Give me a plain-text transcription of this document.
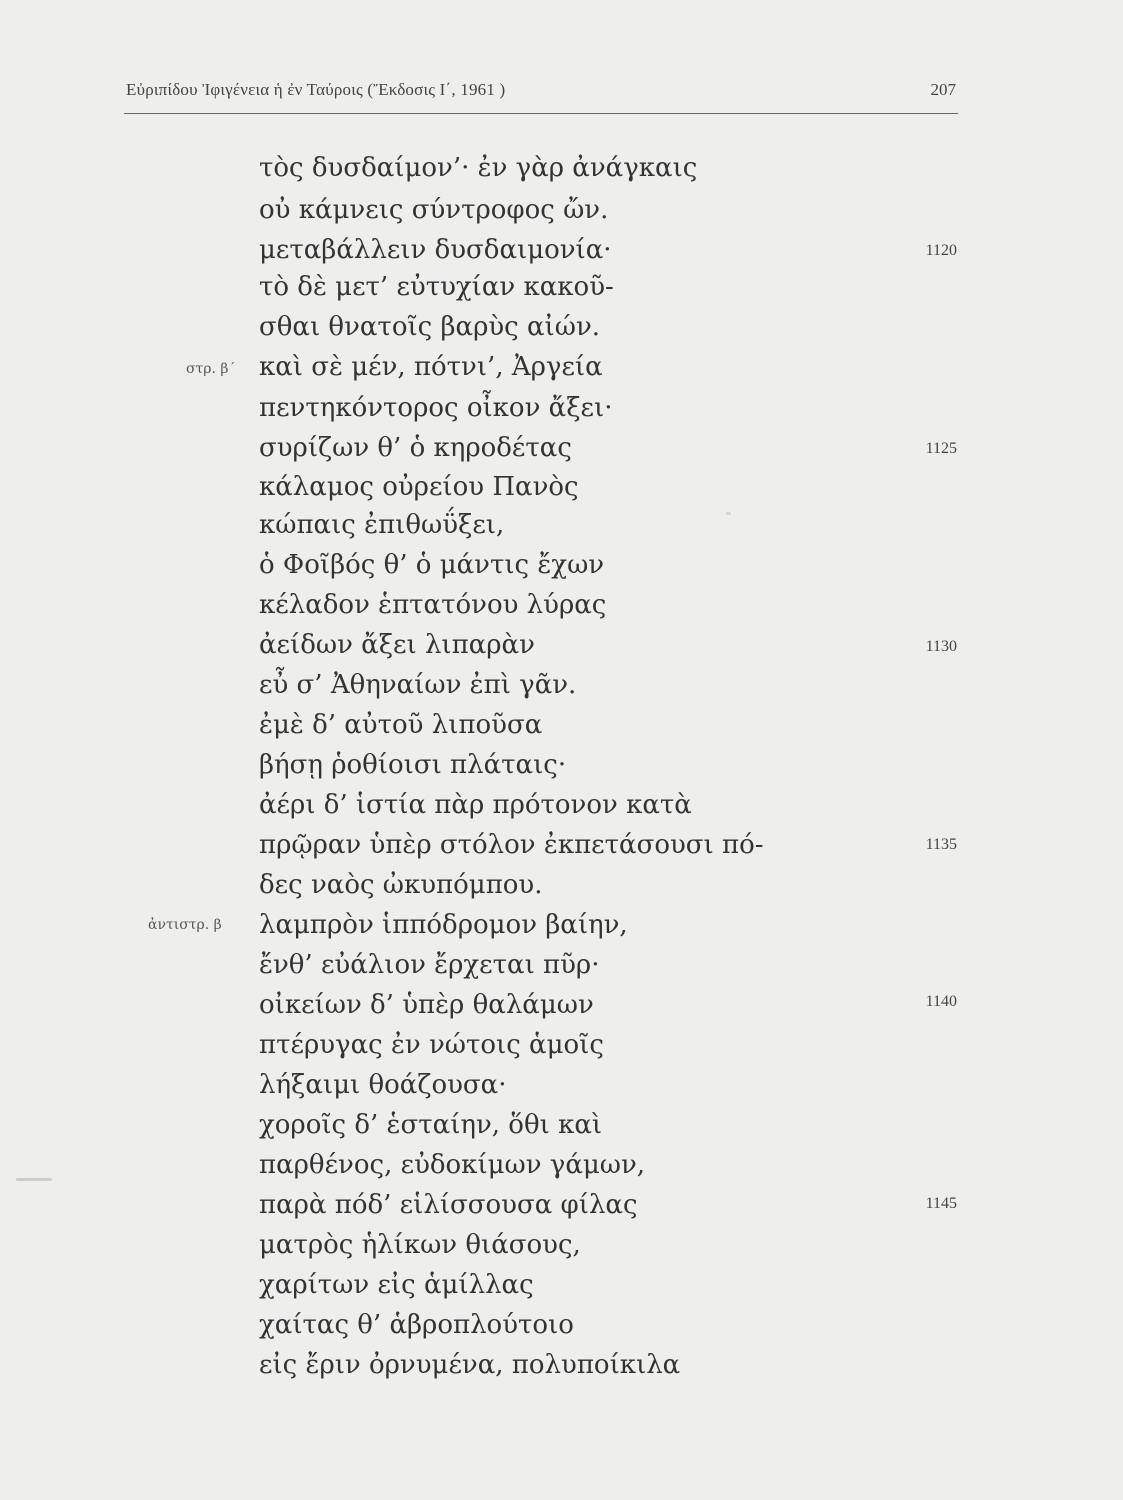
Εὐριπίδου Ἰφιγένεια ἡ ἐν Ταύροις (Ἔκδοσις Ι΄, 1961 )	207
στρ. β΄
ἀντιστρ. β
τὸς δυσδαίμον’· ἐν γὰρ ἀνάγκαις
οὐ κάμνεις σύντροφος ὤν.
μεταβάλλειν δυσδαιμονία·
τὸ δὲ μετ’ εὐτυχίαν κακοῦ-
σθαι θνατοῖς βαρὺς αἰών.
καὶ σὲ μέν, πότνι’, Ἀργεία
πεντηκόντορος οἶκον ἄξει·
συρίζων θ’ ὁ κηροδέτας
κάλαμος οὐρείου Πανὸς
κώπαις ἐπιθωΰξει,
ὁ Φοῖβός θ’ ὁ μάντις ἔχων
κέλαδον ἑπτατόνου λύρας
ἀείδων ἄξει λιπαρὰν
εὖ σ’ Ἀθηναίων ἐπὶ γᾶν.
ἐμὲ δ’ αὐτοῦ λιποῦσα
βήσῃ ῥοθίοισι πλάταις·
ἀέρι δ’ ἱστία πὰρ πρότονον κατὰ
πρῷραν ὑπὲρ στόλον ἐκπετάσουσι πό-
δες ναὸς ὠκυπόμπου.
λαμπρὸν ἱππόδρομον βαίην,
ἔνθ’ εὐάλιον ἔρχεται πῦρ·
οἰκείων δ’ ὑπὲρ θαλάμων
πτέρυγας ἐν νώτοις ἁμοῖς
λήξαιμι θοάζουσα·
χοροῖς δ’ ἑσταίην, ὅθι καὶ
παρθένος, εὐδοκίμων γάμων,
παρὰ πόδ’ εἱλίσσουσα φίλας
ματρὸς ἡλίκων θιάσους,
χαρίτων εἰς ἁμίλλας
χαίτας θ’ ἁβροπλούτοιο
εἰς ἔριν ὀρνυμένα, πολυποίκιλα
1120
1125
1130
1135
1140
1145
